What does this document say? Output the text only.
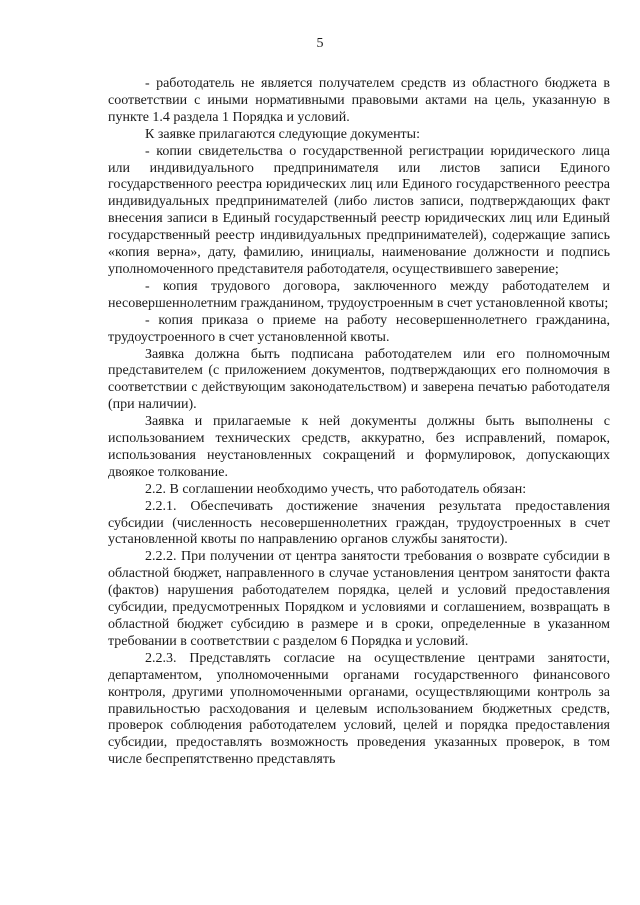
5

- работодатель не является получателем средств из областного бюджета в соответствии с иными нормативными правовыми актами на цель, указанную в пункте 1.4 раздела 1 Порядка и условий.

К заявке прилагаются следующие документы:

- копии свидетельства о государственной регистрации юридического лица или индивидуального предпринимателя или листов записи Единого государственного реестра юридических лиц или Единого государственного реестра индивидуальных предпринимателей (либо листов записи, подтверждающих факт внесения записи в Единый государственный реестр юридических лиц или Единый государственный реестр индивидуальных предпринимателей), содержащие запись «копия верна», дату, фамилию, инициалы, наименование должности и подпись уполномоченного представителя работодателя, осуществившего заверение;

- копия трудового договора, заключенного между работодателем и несовершеннолетним гражданином, трудоустроенным в счет установленной квоты;

- копия приказа о приеме на работу несовершеннолетнего гражданина, трудоустроенного в счет установленной квоты.

Заявка должна быть подписана работодателем или его полномочным представителем (с приложением документов, подтверждающих его полномочия в соответствии с действующим законодательством) и заверена печатью работодателя (при наличии).

Заявка и прилагаемые к ней документы должны быть выполнены с использованием технических средств, аккуратно, без исправлений, помарок, использования неустановленных сокращений и формулировок, допускающих двоякое толкование.

2.2. В соглашении необходимо учесть, что работодатель обязан:

2.2.1. Обеспечивать достижение значения результата предоставления субсидии (численность несовершеннолетних граждан, трудоустроенных в счет установленной квоты по направлению органов службы занятости).

2.2.2. При получении от центра занятости требования о возврате субсидии в областной бюджет, направленного в случае установления центром занятости факта (фактов) нарушения работодателем порядка, целей и условий предоставления субсидии, предусмотренных Порядком и условиями и соглашением, возвращать в областной бюджет субсидию в размере и в сроки, определенные в указанном требовании в соответствии с разделом 6 Порядка и условий.

2.2.3. Представлять согласие на осуществление центрами занятости, департаментом, уполномоченными органами государственного финансового контроля, другими уполномоченными органами, осуществляющими контроль за правильностью расходования и целевым использованием бюджетных средств, проверок соблюдения работодателем условий, целей и порядка предоставления субсидии, предоставлять возможность проведения указанных проверок, в том числе беспрепятственно представлять
